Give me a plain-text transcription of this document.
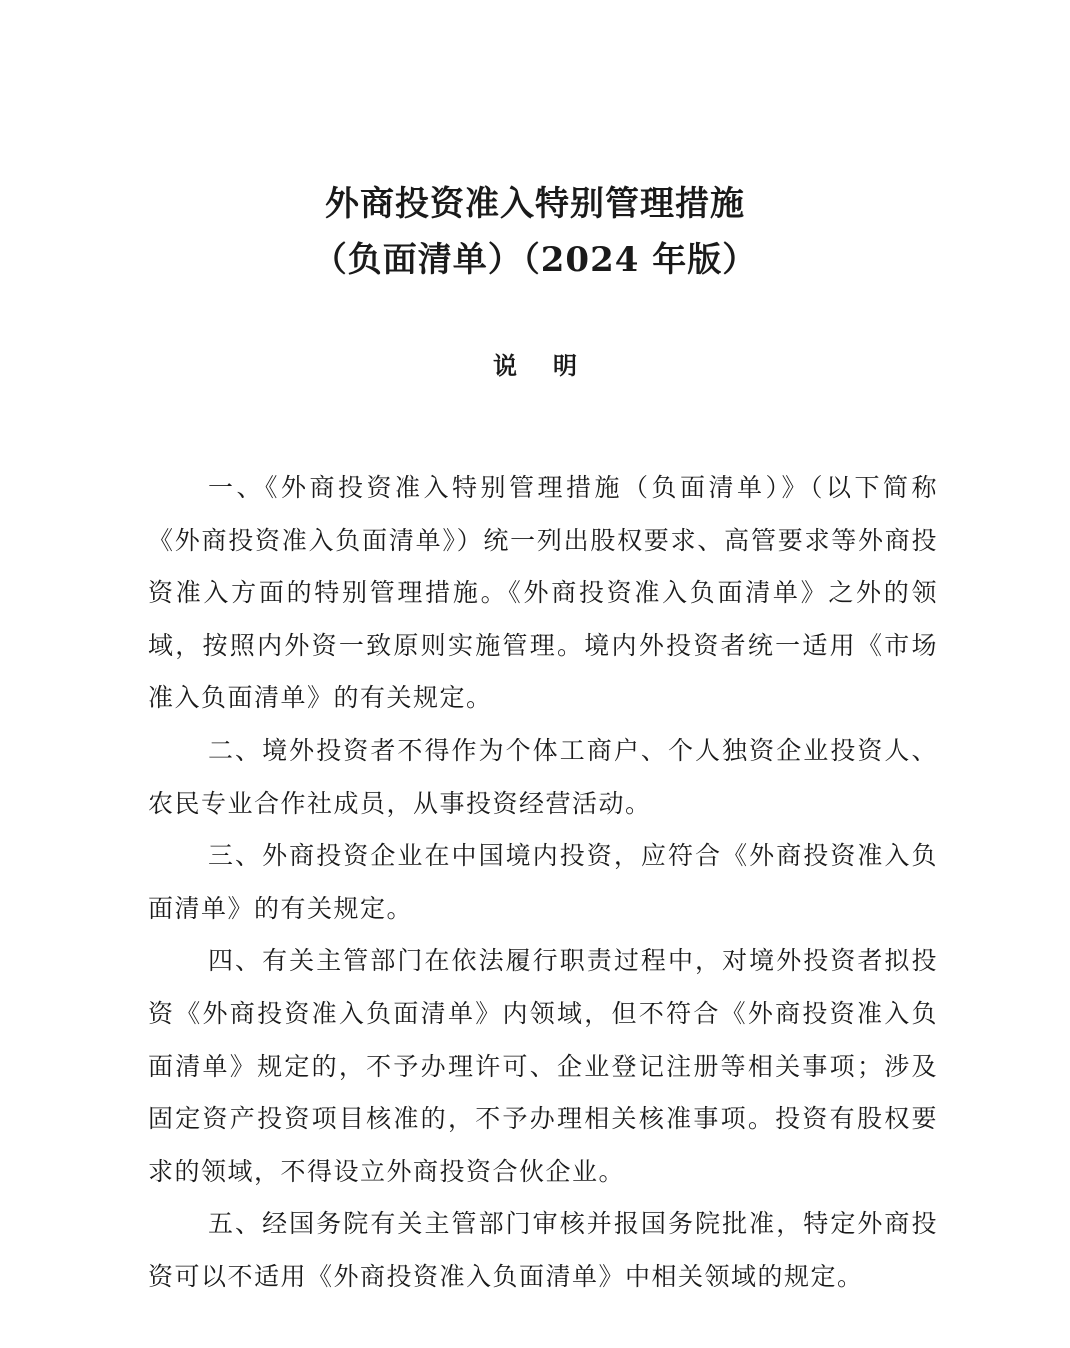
外商投资准入特别管理措施
（负面清单）（2024 年版）
说明

一、《外商投资准入特别管理措施（负面清单）》（以下简称《外商投资准入负面清单》）统一列出股权要求、高管要求等外商投资准入方面的特别管理措施。《外商投资准入负面清单》之外的领域，按照内外资一致原则实施管理。境内外投资者统一适用《市场准入负面清单》的有关规定。

二、境外投资者不得作为个体工商户、个人独资企业投资人、农民专业合作社成员，从事投资经营活动。

三、外商投资企业在中国境内投资，应符合《外商投资准入负面清单》的有关规定。

四、有关主管部门在依法履行职责过程中，对境外投资者拟投资《外商投资准入负面清单》内领域，但不符合《外商投资准入负面清单》规定的，不予办理许可、企业登记注册等相关事项；涉及固定资产投资项目核准的，不予办理相关核准事项。投资有股权要求的领域，不得设立外商投资合伙企业。

五、经国务院有关主管部门审核并报国务院批准，特定外商投资可以不适用《外商投资准入负面清单》中相关领域的规定。
